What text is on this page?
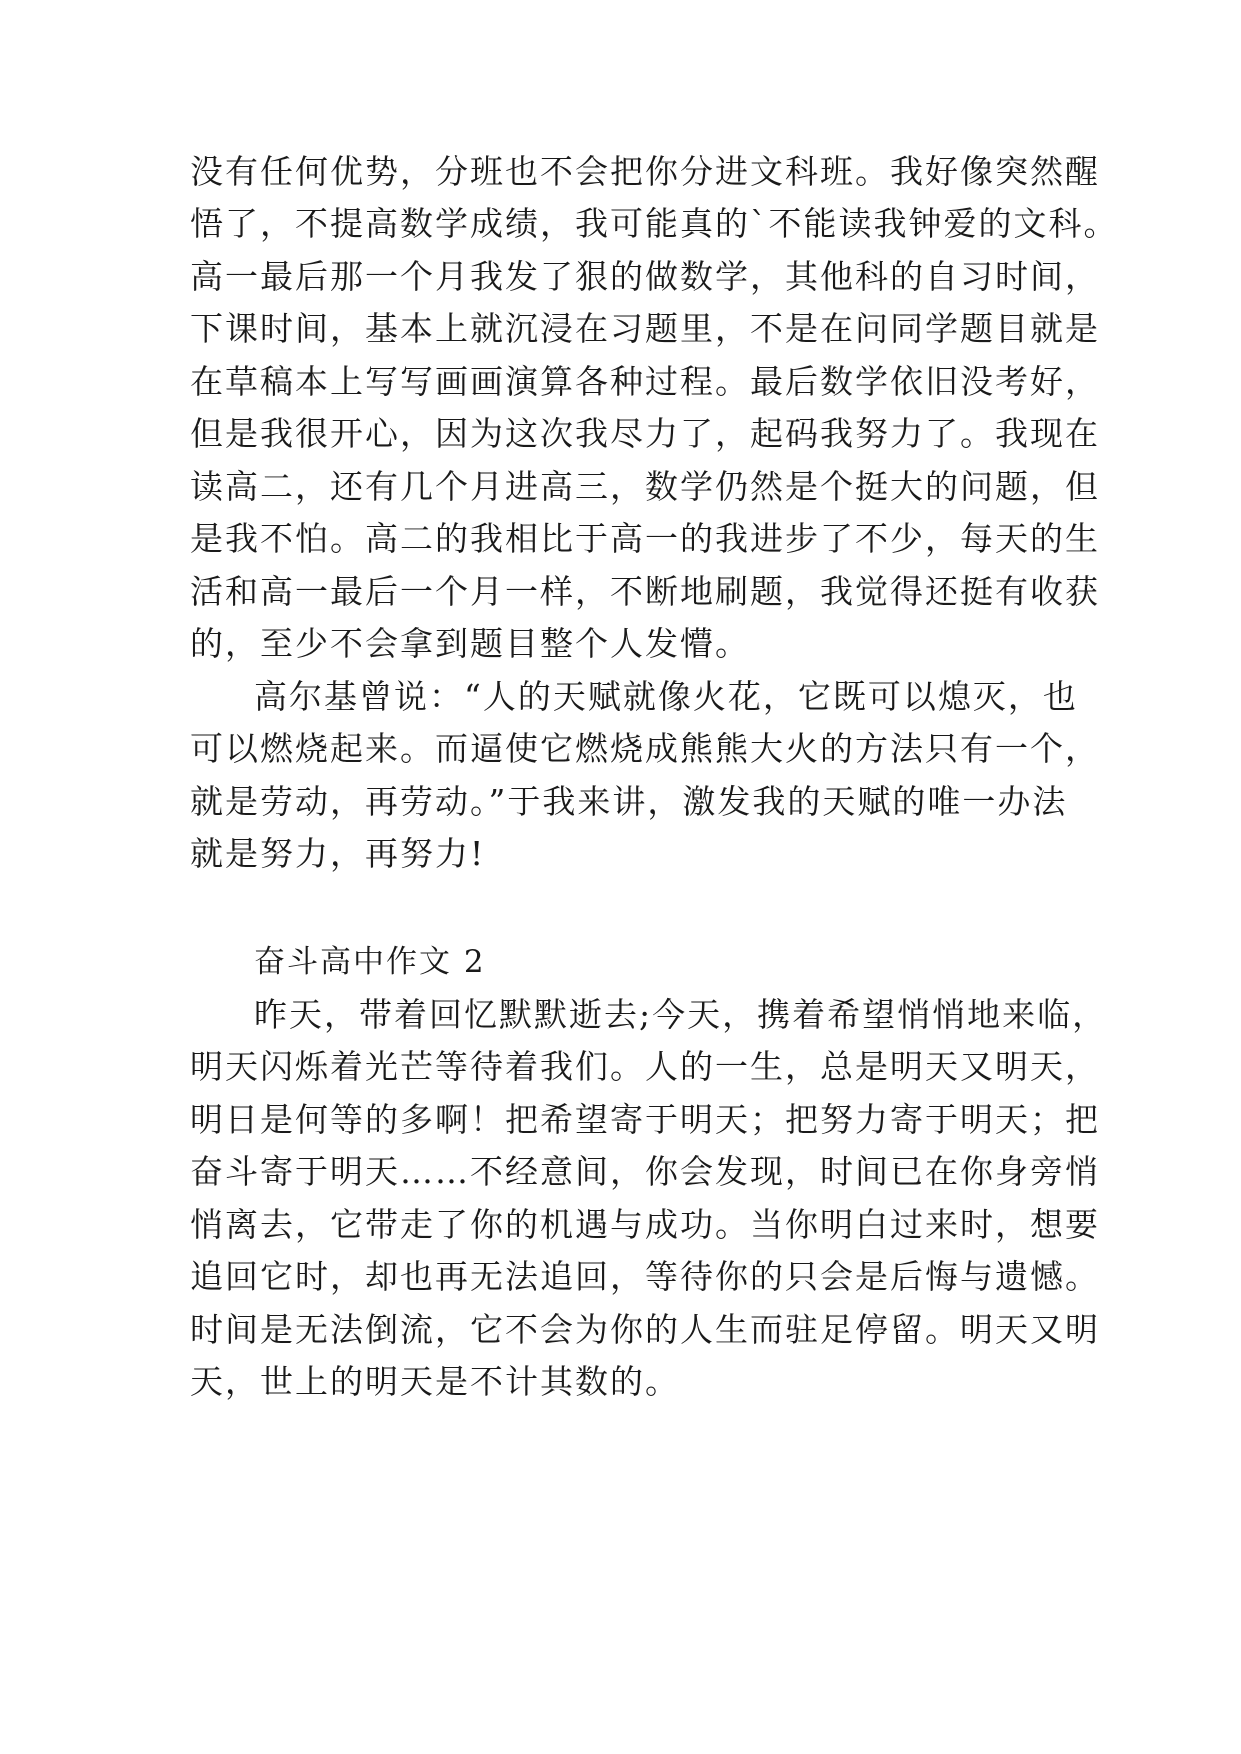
没有任何优势，分班也不会把你分进文科班。我好像突然醒
悟了，不提高数学成绩，我可能真的`不能读我钟爱的文科。
高一最后那一个月我发了狠的做数学，其他科的自习时间，
下课时间，基本上就沉浸在习题里，不是在问同学题目就是
在草稿本上写写画画演算各种过程。最后数学依旧没考好，
但是我很开心，因为这次我尽力了，起码我努力了。我现在
读高二，还有几个月进高三，数学仍然是个挺大的问题，但
是我不怕。高二的我相比于高一的我进步了不少，每天的生
活和高一最后一个月一样，不断地刷题，我觉得还挺有收获
的，至少不会拿到题目整个人发懵。
高尔基曾说：“人的天赋就像火花，它既可以熄灭，也
可以燃烧起来。而逼使它燃烧成熊熊大火的方法只有一个，
就是劳动，再劳动。”于我来讲，激发我的天赋的唯一办法
就是努力，再努力!
奋斗高中作文 2
昨天，带着回忆默默逝去;今天，携着希望悄悄地来临，
明天闪烁着光芒等待着我们。人的一生，总是明天又明天，
明日是何等的多啊！把希望寄于明天；把努力寄于明天；把
奋斗寄于明天……不经意间，你会发现，时间已在你身旁悄
悄离去，它带走了你的机遇与成功。当你明白过来时，想要
追回它时，却也再无法追回，等待你的只会是后悔与遗憾。
时间是无法倒流，它不会为你的人生而驻足停留。明天又明
天，世上的明天是不计其数的。
